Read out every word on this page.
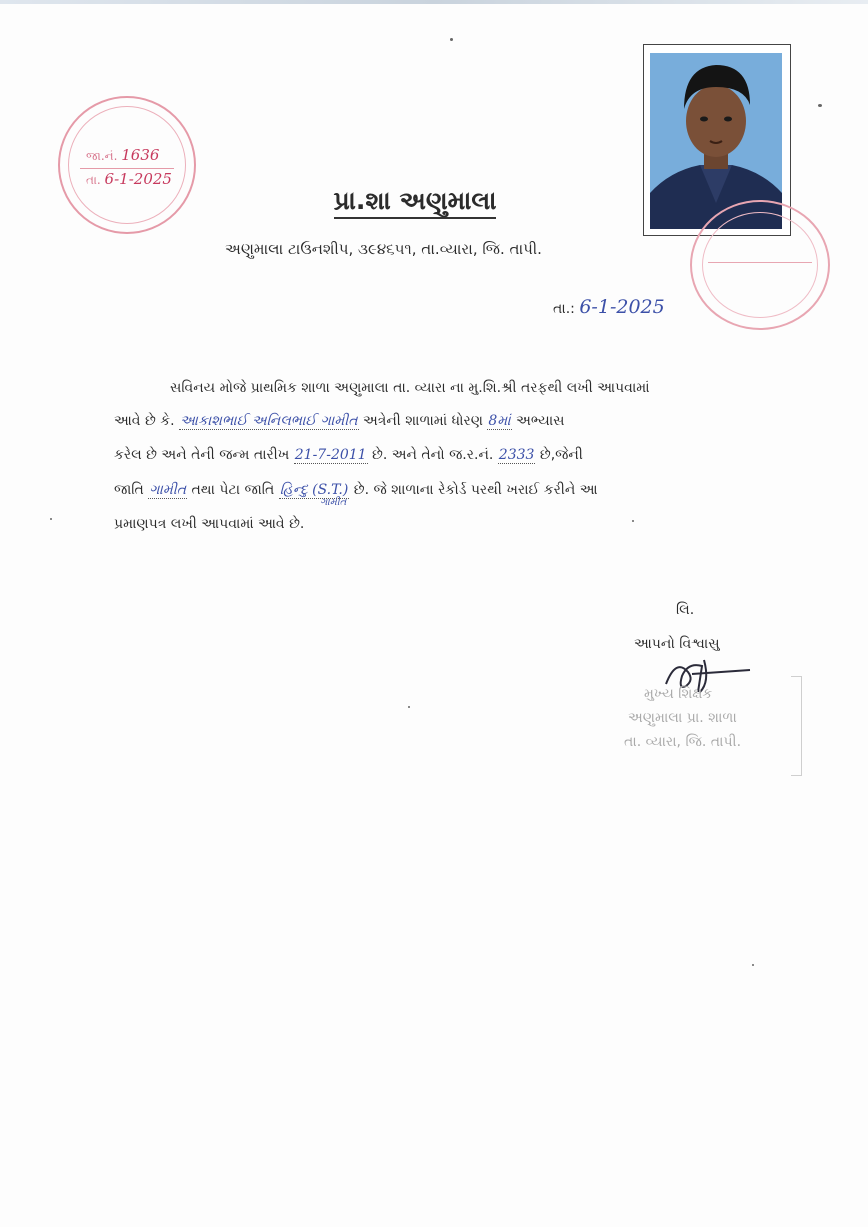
જા.નં. 1636
તા. 6-1-2025
પ્રા.શા અણુમાલા
અણુમાલા ટાઉનશીપ, ૩૯૪૬૫૧, તા.વ્યારા, જિ. તાપી.
તા.: 6-1-2025
સવિનય મોજે પ્રાથમિક શાળા અણુમાલા તા. વ્યારા ના મુ.શિ.શ્રી તરફથી લખી આપવામાં
આવે છે કે. આકાશભાઈ અનિલભાઈ ગામીત અત્રેની શાળામાં ધોરણ 8માં અભ્યાસ
કરેલ છે અને તેની જન્મ તારીખ 21-7-2011 છે. અને તેનો જ.ર.નં. 2333 છે,જેની
જાતિ ગામીત તથા પેટા જાતિ હિન્દુ (S.T.) છે. જે શાળાના રેકોર્ડ પરથી ખરાઈ કરીને આ
ગામીત
પ્રમાણપત્ર લખી આપવામાં આવે છે.
લિ.
આપનો વિશ્વાસુ
મુખ્ય શિક્ષક
અણુમાલા પ્રા. શાળા
તા. વ્યારા, જિ. તાપી.
